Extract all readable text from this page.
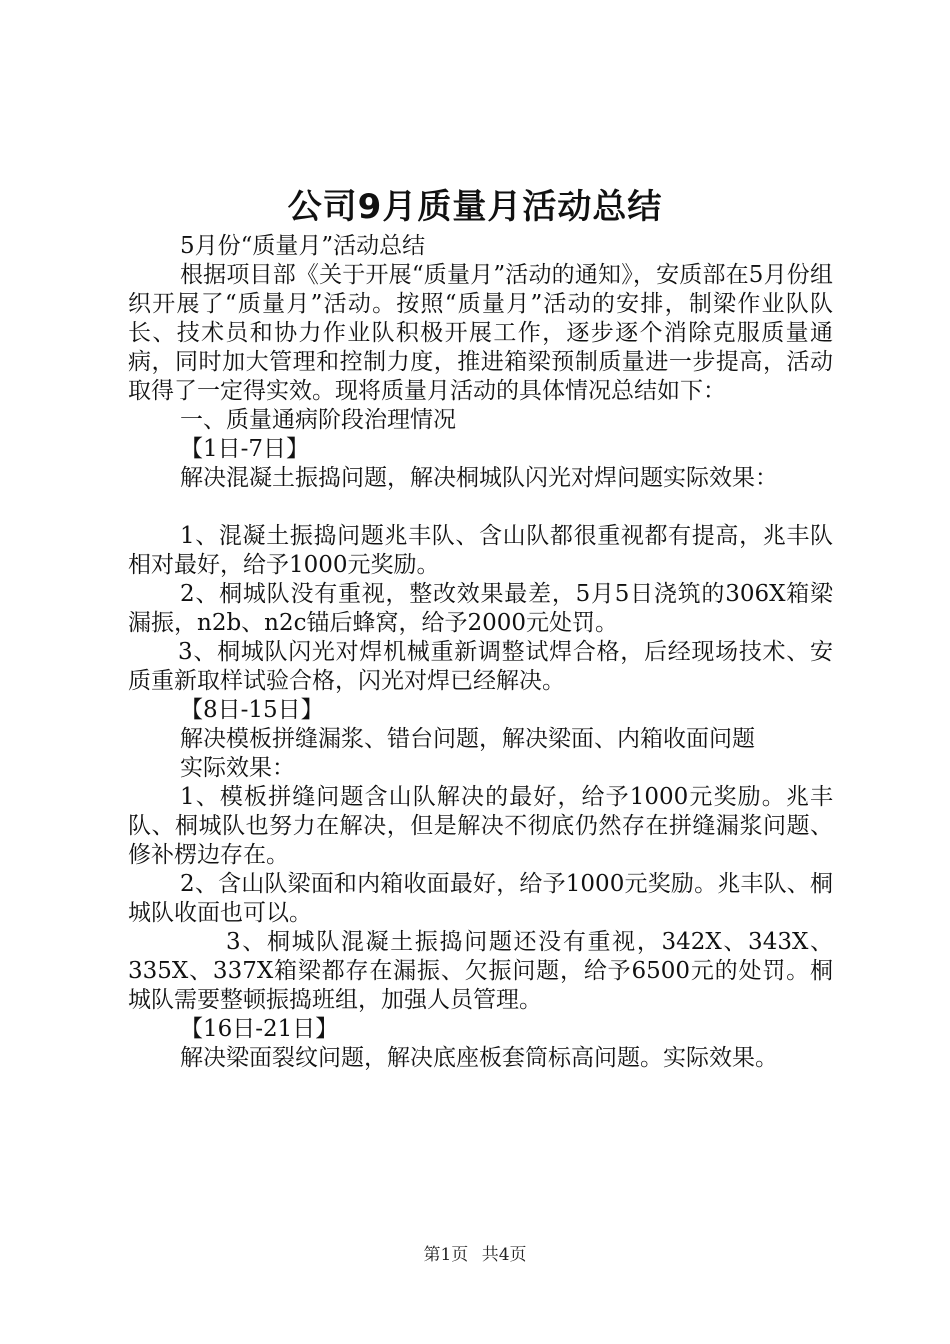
公司9月质量月活动总结

5月份“质量月”活动总结

根据项目部《关于开展“质量月”活动的通知》，安质部在5月份组织开展了“质量月”活动。按照“质量月”活动的安排，制梁作业队队长、技术员和协力作业队积极开展工作，逐步逐个消除克服质量通病，同时加大管理和控制力度，推进箱梁预制质量进一步提高，活动取得了一定得实效。现将质量月活动的具体情况总结如下：

一、质量通病阶段治理情况

【1日-7日】

解决混凝土振捣问题，解决桐城队闪光对焊问题实际效果：

1、混凝土振捣问题兆丰队、含山队都很重视都有提高，兆丰队相对最好，给予1000元奖励。

2、桐城队没有重视，整改效果最差，5月5日浇筑的306X箱梁漏振，n2b、n2c锚后蜂窝，给予2000元处罚。

3、桐城队闪光对焊机械重新调整试焊合格，后经现场技术、安质重新取样试验合格，闪光对焊已经解决。

【8日-15日】

解决模板拼缝漏浆、错台问题，解决梁面、内箱收面问题

实际效果：

1、模板拼缝问题含山队解决的最好，给予1000元奖励。兆丰队、桐城队也努力在解决，但是解决不彻底仍然存在拼缝漏浆问题、修补楞边存在。

2、含山队梁面和内箱收面最好，给予1000元奖励。兆丰队、桐城队收面也可以。

3、桐城队混凝土振捣问题还没有重视，342X、343X、335X、337X箱梁都存在漏振、欠振问题，给予6500元的处罚。桐城队需要整顿振捣班组，加强人员管理。

【16日-21日】

解决梁面裂纹问题，解决底座板套筒标高问题。实际效果。

第1页 共4页
